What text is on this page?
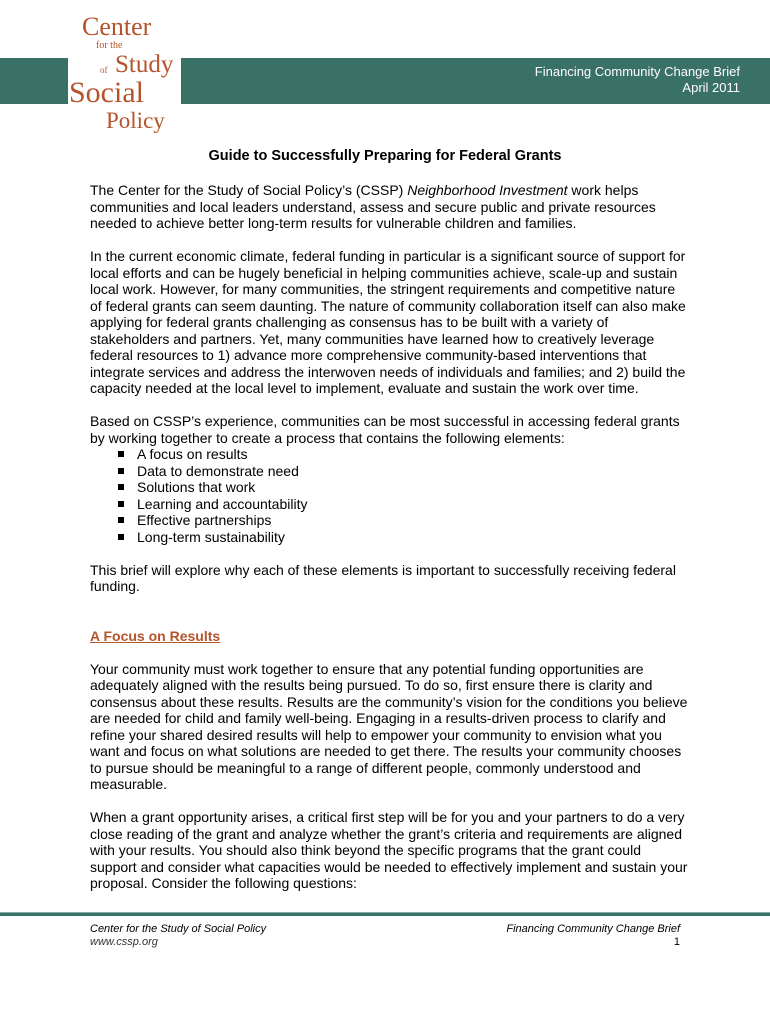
Center
for the
Study
of
Social
Policy
Financing Community Change Brief
April 2011
Guide to Successfully Preparing for Federal Grants

The Center for the Study of Social Policy’s (CSSP) Neighborhood Investment work helps communities and local leaders understand, assess and secure public and private resources needed to achieve better long-term results for vulnerable children and families.

In the current economic climate, federal funding in particular is a significant source of support for local efforts and can be hugely beneficial in helping communities achieve, scale-up and sustain local work. However, for many communities, the stringent requirements and competitive nature of federal grants can seem daunting. The nature of community collaboration itself can also make applying for federal grants challenging as consensus has to be built with a variety of stakeholders and partners. Yet, many communities have learned how to creatively leverage federal resources to 1) advance more comprehensive community-based interventions that integrate services and address the interwoven needs of individuals and families; and 2) build the capacity needed at the local level to implement, evaluate and sustain the work over time.

Based on CSSP’s experience, communities can be most successful in accessing federal grants by working together to create a process that contains the following elements:
A focus on results
Data to demonstrate need
Solutions that work
Learning and accountability
Effective partnerships
Long-term sustainability

This brief will explore why each of these elements is important to successfully receiving federal funding.

A Focus on Results

Your community must work together to ensure that any potential funding opportunities are adequately aligned with the results being pursued. To do so, first ensure there is clarity and consensus about these results. Results are the community’s vision for the conditions you believe are needed for child and family well-being. Engaging in a results-driven process to clarify and refine your shared desired results will help to empower your community to envision what you want and focus on what solutions are needed to get there. The results your community chooses to pursue should be meaningful to a range of different people, commonly understood and measurable.

When a grant opportunity arises, a critical first step will be for you and your partners to do a very close reading of the grant and analyze whether the grant’s criteria and requirements are aligned with your results. You should also think beyond the specific programs that the grant could support and consider what capacities would be needed to effectively implement and sustain your proposal. Consider the following questions:

Center for the Study of Social Policy
www.cssp.org
Financing Community Change Brief
1
